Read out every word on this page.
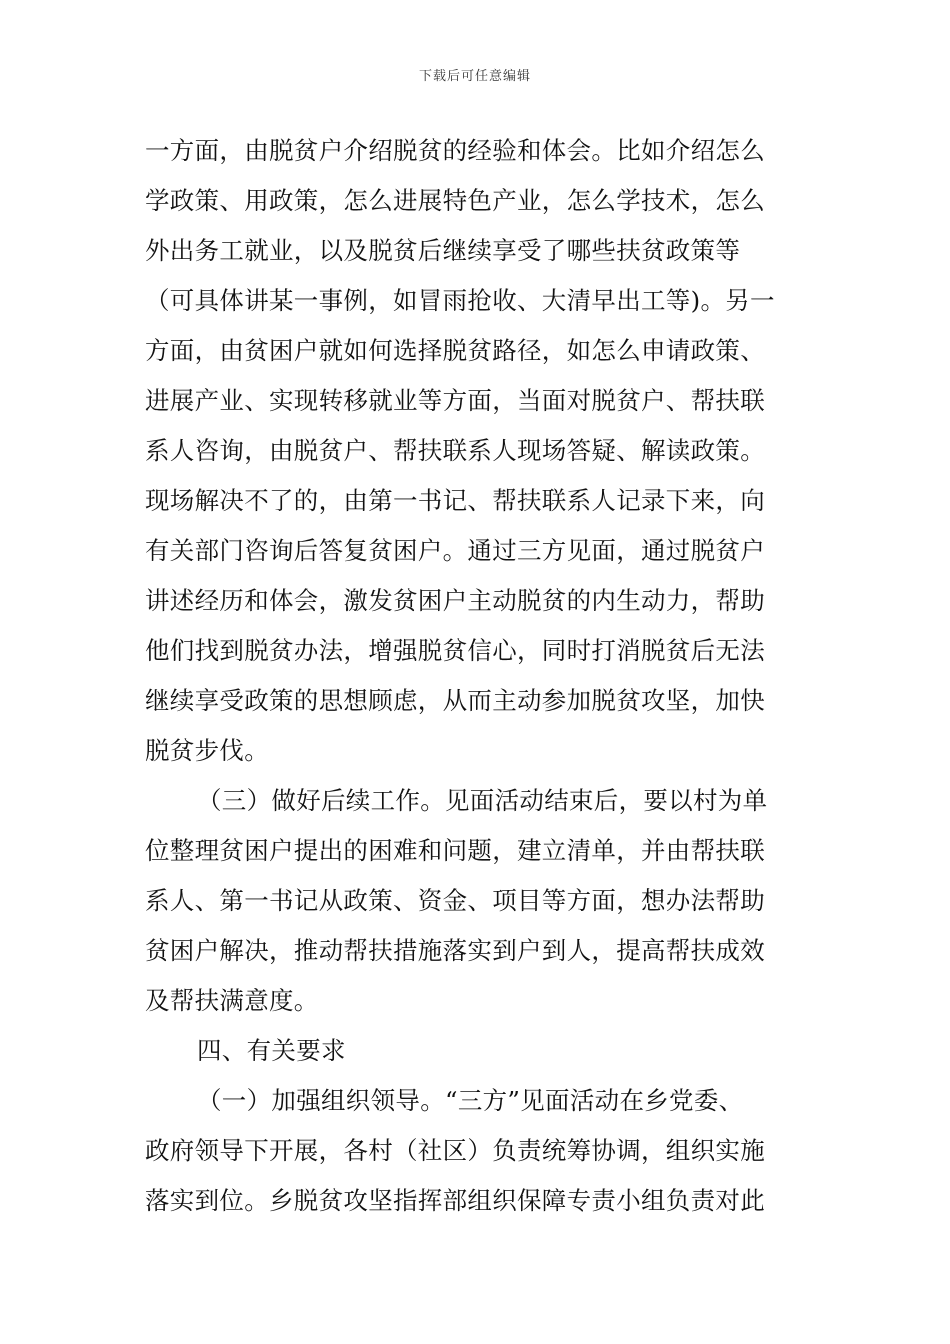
下载后可任意编辑
一方面，由脱贫户介绍脱贫的经验和体会。比如介绍怎么
学政策、用政策，怎么进展特色产业，怎么学技术，怎么
外出务工就业，以及脱贫后继续享受了哪些扶贫政策等
（可具体讲某一事例，如冒雨抢收、大清早出工等)。另一
方面，由贫困户就如何选择脱贫路径，如怎么申请政策、
进展产业、实现转移就业等方面，当面对脱贫户、帮扶联
系人咨询，由脱贫户、帮扶联系人现场答疑、解读政策。
现场解决不了的，由第一书记、帮扶联系人记录下来，向
有关部门咨询后答复贫困户。通过三方见面，通过脱贫户
讲述经历和体会，激发贫困户主动脱贫的内生动力，帮助
他们找到脱贫办法，增强脱贫信心，同时打消脱贫后无法
继续享受政策的思想顾虑，从而主动参加脱贫攻坚，加快
脱贫步伐。
（三）做好后续工作。见面活动结束后，要以村为单
位整理贫困户提出的困难和问题，建立清单，并由帮扶联
系人、第一书记从政策、资金、项目等方面，想办法帮助
贫困户解决，推动帮扶措施落实到户到人，提高帮扶成效
及帮扶满意度。
四、有关要求
（一）加强组织领导。“三方”见面活动在乡党委、
政府领导下开展，各村（社区）负责统筹协调，组织实施
落实到位。乡脱贫攻坚指挥部组织保障专责小组负责对此
